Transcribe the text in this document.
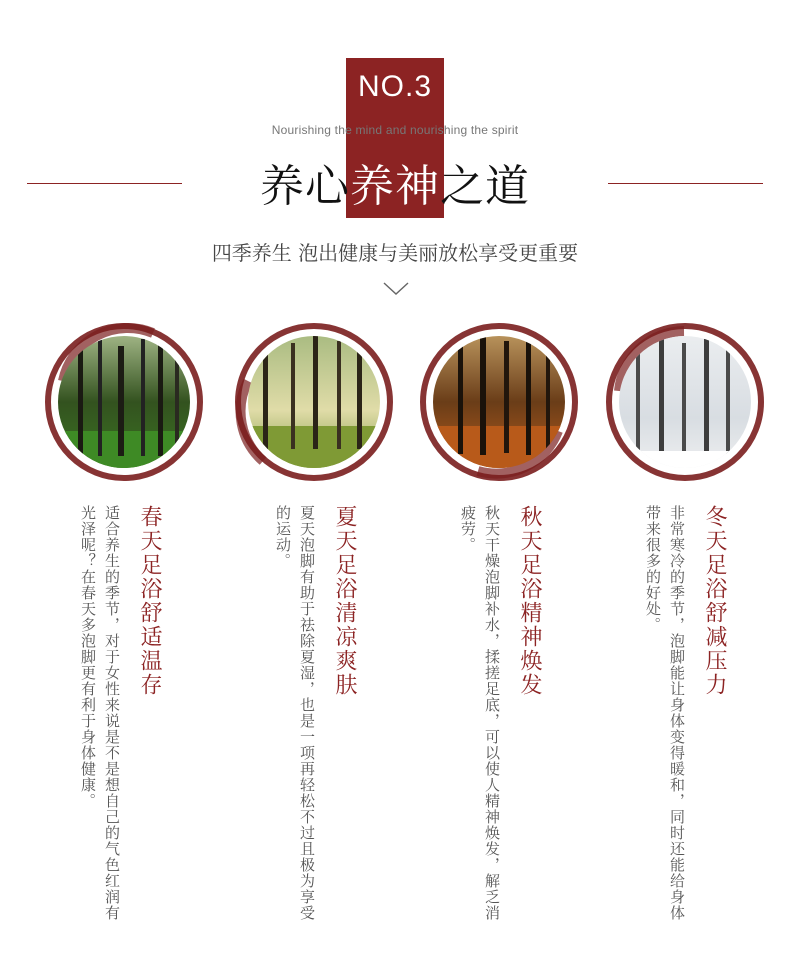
NO.3
Nourishing the mind and nourishing the spirit
养心养神之道
四季养生 泡出健康与美丽放松享受更重要
春天足浴舒适温存
适合养生的季节，对于女性来说是不是想自己的气色红润有光泽呢？在春天多泡脚更有利于身体健康。	夏天足浴清凉爽肤
夏天泡脚有助于祛除夏湿，也是一项再轻松不过且极为享受的运动。	秋天足浴精神焕发
秋天干燥泡脚补水，揉搓足底，可以使人精神焕发，解乏消疲劳。	冬天足浴舒减压力
非常寒冷的季节，泡脚能让身体变得暖和，同时还能给身体带来很多的好处。
